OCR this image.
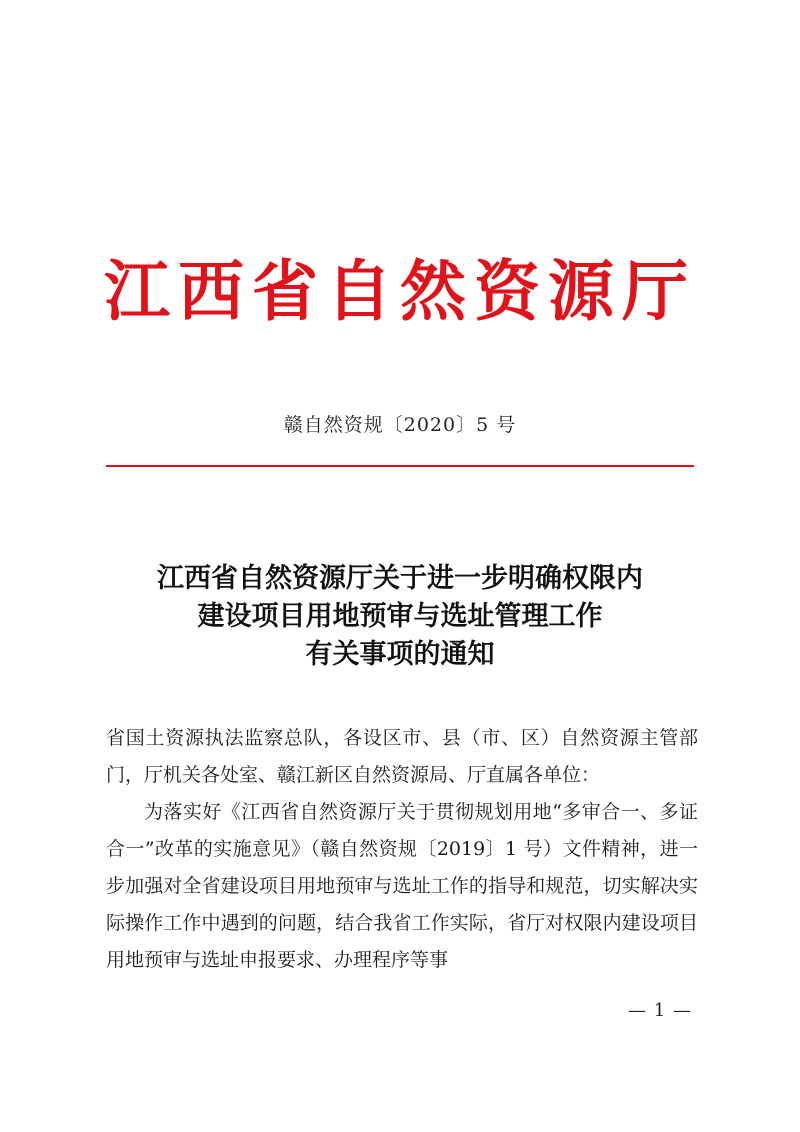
江西省自然资源厅
赣自然资规〔2020〕5 号
江西省自然资源厅关于进一步明确权限内
建设项目用地预审与选址管理工作
有关事项的通知

省国土资源执法监察总队，各设区市、县（市、区）自然资源主管部门，厅机关各处室、赣江新区自然资源局、厅直属各单位：

为落实好《江西省自然资源厅关于贯彻规划用地“多审合一、多证合一”改革的实施意见》（赣自然资规〔2019〕1 号）文件精神，进一步加强对全省建设项目用地预审与选址工作的指导和规范，切实解决实际操作工作中遇到的问题，结合我省工作实际，省厅对权限内建设项目用地预审与选址申报要求、办理程序等事

— 1 —
